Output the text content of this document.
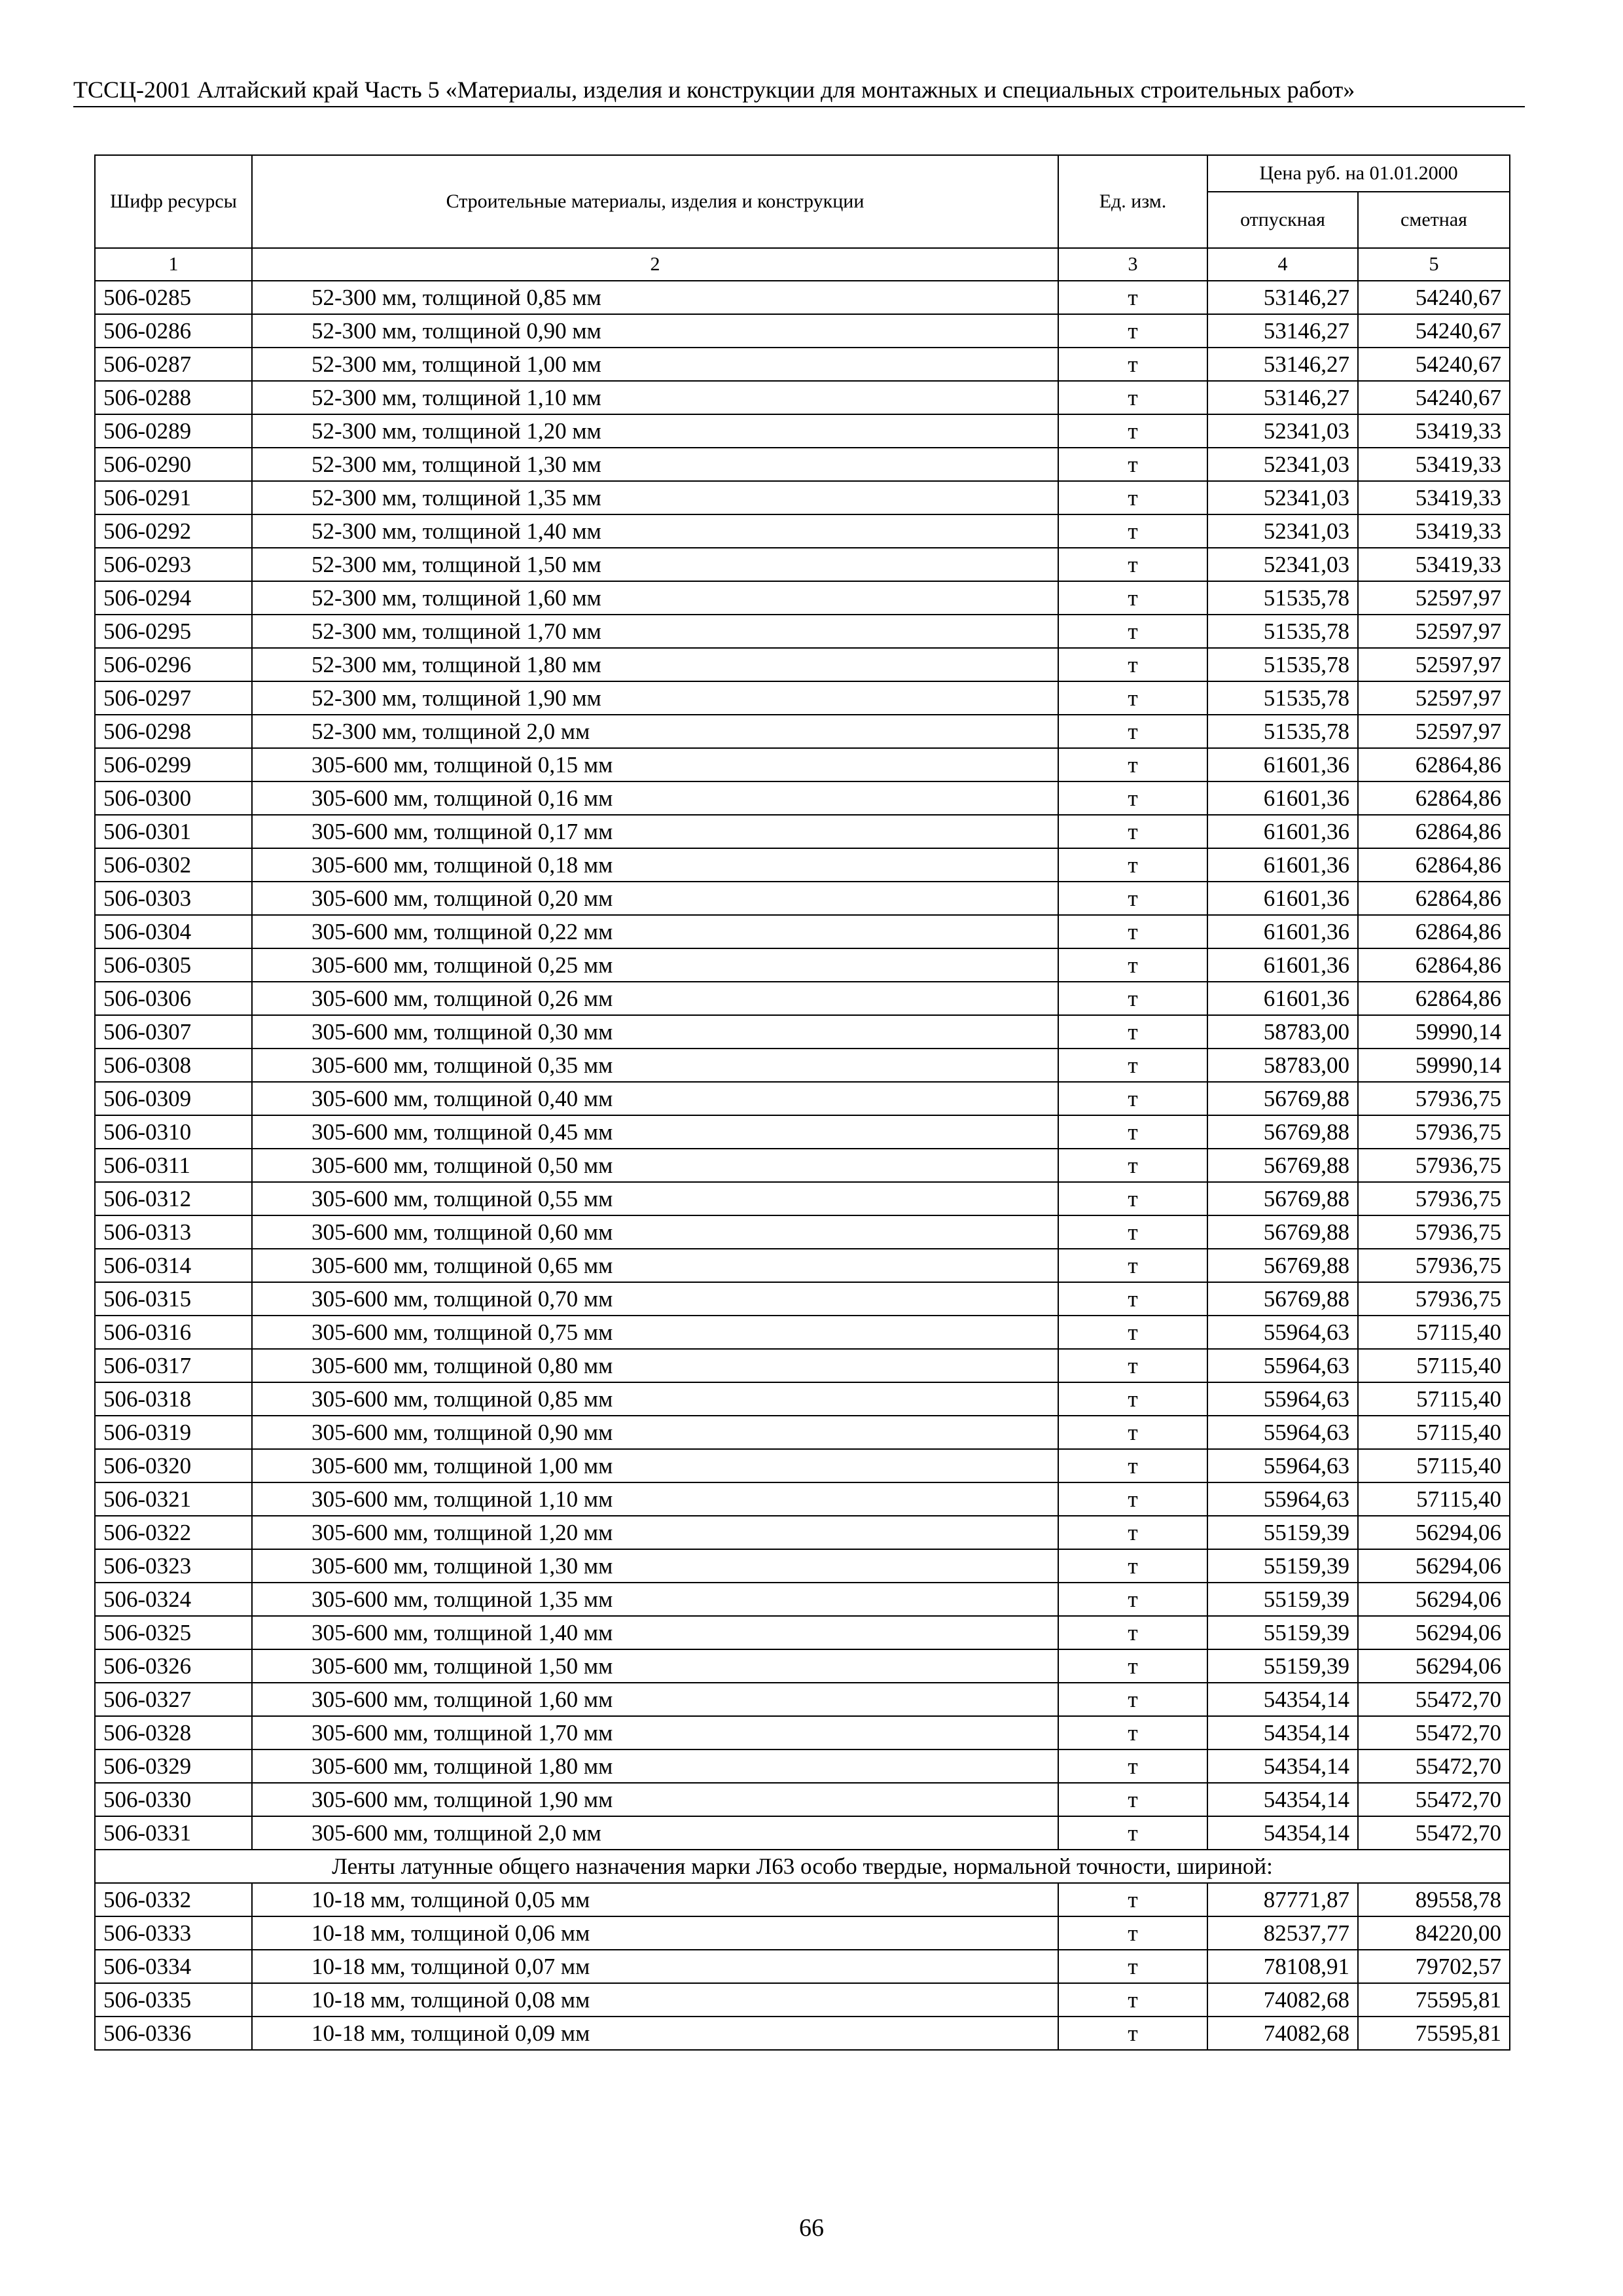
ТССЦ-2001 Алтайский край Часть 5 «Материалы, изделия и конструкции для монтажных и специальных строительных работ»
Шифр ресурсы	Строительные материалы, изделия и конструкции	Ед. изм.	Цена руб. на 01.01.2000	
			отпускная	сметная
1	2	3	4	5
506-0285	52-300 мм, толщиной 0,85 мм	т	53146,27	54240,67
506-0286	52-300 мм, толщиной 0,90 мм	т	53146,27	54240,67
506-0287	52-300 мм, толщиной 1,00 мм	т	53146,27	54240,67
506-0288	52-300 мм, толщиной 1,10 мм	т	53146,27	54240,67
506-0289	52-300 мм, толщиной 1,20 мм	т	52341,03	53419,33
506-0290	52-300 мм, толщиной 1,30 мм	т	52341,03	53419,33
506-0291	52-300 мм, толщиной 1,35 мм	т	52341,03	53419,33
506-0292	52-300 мм, толщиной 1,40 мм	т	52341,03	53419,33
506-0293	52-300 мм, толщиной 1,50 мм	т	52341,03	53419,33
506-0294	52-300 мм, толщиной 1,60 мм	т	51535,78	52597,97
506-0295	52-300 мм, толщиной 1,70 мм	т	51535,78	52597,97
506-0296	52-300 мм, толщиной 1,80 мм	т	51535,78	52597,97
506-0297	52-300 мм, толщиной 1,90 мм	т	51535,78	52597,97
506-0298	52-300 мм, толщиной 2,0 мм	т	51535,78	52597,97
506-0299	305-600 мм, толщиной 0,15 мм	т	61601,36	62864,86
506-0300	305-600 мм, толщиной 0,16 мм	т	61601,36	62864,86
506-0301	305-600 мм, толщиной 0,17 мм	т	61601,36	62864,86
506-0302	305-600 мм, толщиной 0,18 мм	т	61601,36	62864,86
506-0303	305-600 мм, толщиной 0,20 мм	т	61601,36	62864,86
506-0304	305-600 мм, толщиной 0,22 мм	т	61601,36	62864,86
506-0305	305-600 мм, толщиной 0,25 мм	т	61601,36	62864,86
506-0306	305-600 мм, толщиной 0,26 мм	т	61601,36	62864,86
506-0307	305-600 мм, толщиной 0,30 мм	т	58783,00	59990,14
506-0308	305-600 мм, толщиной 0,35 мм	т	58783,00	59990,14
506-0309	305-600 мм, толщиной 0,40 мм	т	56769,88	57936,75
506-0310	305-600 мм, толщиной 0,45 мм	т	56769,88	57936,75
506-0311	305-600 мм, толщиной 0,50 мм	т	56769,88	57936,75
506-0312	305-600 мм, толщиной 0,55 мм	т	56769,88	57936,75
506-0313	305-600 мм, толщиной 0,60 мм	т	56769,88	57936,75
506-0314	305-600 мм, толщиной 0,65 мм	т	56769,88	57936,75
506-0315	305-600 мм, толщиной 0,70 мм	т	56769,88	57936,75
506-0316	305-600 мм, толщиной 0,75 мм	т	55964,63	57115,40
506-0317	305-600 мм, толщиной 0,80 мм	т	55964,63	57115,40
506-0318	305-600 мм, толщиной 0,85 мм	т	55964,63	57115,40
506-0319	305-600 мм, толщиной 0,90 мм	т	55964,63	57115,40
506-0320	305-600 мм, толщиной 1,00 мм	т	55964,63	57115,40
506-0321	305-600 мм, толщиной 1,10 мм	т	55964,63	57115,40
506-0322	305-600 мм, толщиной 1,20 мм	т	55159,39	56294,06
506-0323	305-600 мм, толщиной 1,30 мм	т	55159,39	56294,06
506-0324	305-600 мм, толщиной 1,35 мм	т	55159,39	56294,06
506-0325	305-600 мм, толщиной 1,40 мм	т	55159,39	56294,06
506-0326	305-600 мм, толщиной 1,50 мм	т	55159,39	56294,06
506-0327	305-600 мм, толщиной 1,60 мм	т	54354,14	55472,70
506-0328	305-600 мм, толщиной 1,70 мм	т	54354,14	55472,70
506-0329	305-600 мм, толщиной 1,80 мм	т	54354,14	55472,70
506-0330	305-600 мм, толщиной 1,90 мм	т	54354,14	55472,70
506-0331	305-600 мм, толщиной 2,0 мм	т	54354,14	55472,70
Ленты латунные общего назначения марки Л63 особо твердые, нормальной точности, шириной:				
506-0332	10-18 мм, толщиной 0,05 мм	т	87771,87	89558,78
506-0333	10-18 мм, толщиной 0,06 мм	т	82537,77	84220,00
506-0334	10-18 мм, толщиной 0,07 мм	т	78108,91	79702,57
506-0335	10-18 мм, толщиной 0,08 мм	т	74082,68	75595,81
506-0336	10-18 мм, толщиной 0,09 мм	т	74082,68	75595,81
66
